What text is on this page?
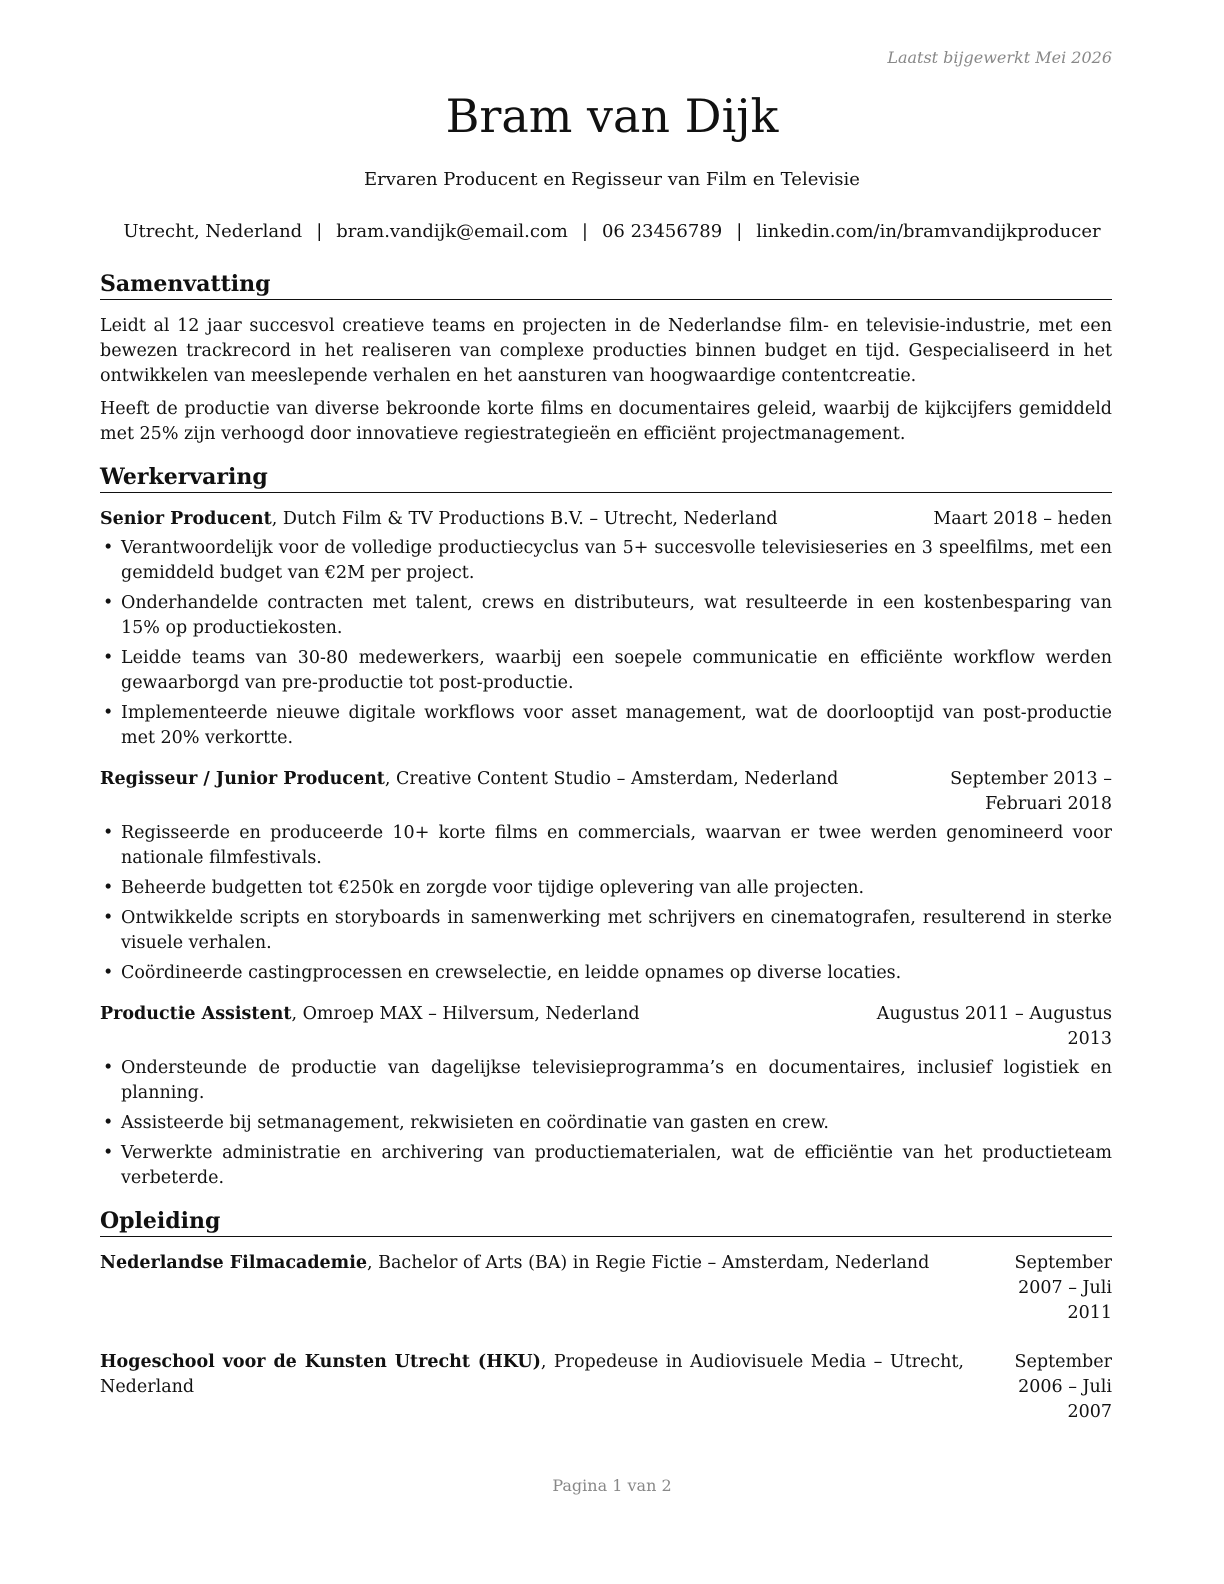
Laatst bijgewerkt Mei 2026
Bram van Dijk
Ervaren Producent en Regisseur van Film en Televisie
Utrecht, Nederland | bram.vandijk@email.com | 06 23456789 | linkedin.com/in/bramvandijkproducer
Samenvatting

Leidt al 12 jaar succesvol creatieve teams en projecten in de Nederlandse film- en televisie-industrie, met een bewezen trackrecord in het realiseren van complexe producties binnen budget en tijd. Gespecialiseerd in het ontwikkelen van meeslepende verhalen en het aansturen van hoogwaardige contentcreatie.

Heeft de productie van diverse bekroonde korte films en documentaires geleid, waarbij de kijkcijfers gemiddeld met 25% zijn verhoogd door innovatieve regiestrategieën en efficiënt projectmanagement.

Werkervaring
Senior Producent, Dutch Film & TV Productions B.V. – Utrecht, Nederland	Maart 2018 – heden
• Verantwoordelijk voor de volledige productiecyclus van 5+ succesvolle televisieseries en 3 speelfilms, met een gemiddeld budget van €2M per project.
• Onderhandelde contracten met talent, crews en distributeurs, wat resulteerde in een kostenbesparing van 15% op productiekosten.
• Leidde teams van 30-80 medewerkers, waarbij een soepele communicatie en efficiënte workflow werden gewaarborgd van pre-productie tot post-productie.
• Implementeerde nieuwe digitale workflows voor asset management, wat de doorlooptijd van post-productie met 20% verkortte.
Regisseur / Junior Producent, Creative Content Studio – Amsterdam, Nederland	September 2013 – Februari 2018
• Regisseerde en produceerde 10+ korte films en commercials, waarvan er twee werden genomineerd voor nationale filmfestivals.
• Beheerde budgetten tot €250k en zorgde voor tijdige oplevering van alle projecten.
• Ontwikkelde scripts en storyboards in samenwerking met schrijvers en cinematografen, resulterend in sterke visuele verhalen.
• Coördineerde castingprocessen en crewselectie, en leidde opnames op diverse locaties.
Productie Assistent, Omroep MAX – Hilversum, Nederland	Augustus 2011 – Augustus 2013
• Ondersteunde de productie van dagelijkse televisieprogramma’s en documentaires, inclusief logistiek en planning.
• Assisteerde bij setmanagement, rekwisieten en coördinatie van gasten en crew.
• Verwerkte administratie en archivering van productiematerialen, wat de efficiëntie van het productieteam verbeterde.
Opleiding
Nederlandse Filmacademie, Bachelor of Arts (BA) in Regie Fictie – Amsterdam, Nederland	September 2007 – Juli 2011
Hogeschool voor de Kunsten Utrecht (HKU), Propedeuse in Audiovisuele Media – Utrecht, Nederland
September 2006 – Juli 2007
Pagina 1 van 2
